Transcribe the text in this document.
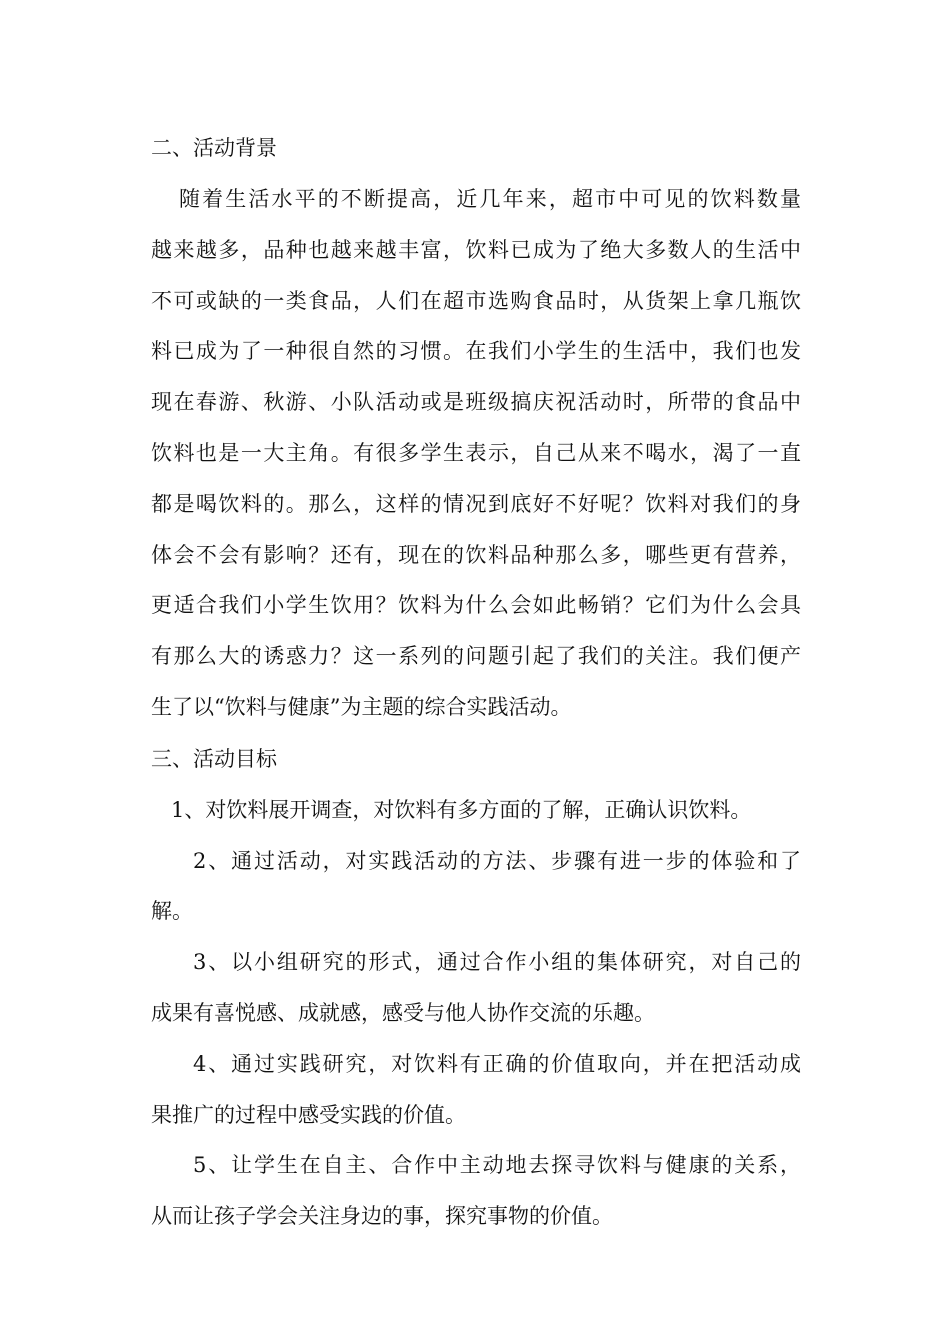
二、活动背景

随着生活水平的不断提高，近几年来，超市中可见的饮料数量
越来越多，品种也越来越丰富，饮料已成为了绝大多数人的生活中
不可或缺的一类食品，人们在超市选购食品时，从货架上拿几瓶饮
料已成为了一种很自然的习惯。在我们小学生的生活中，我们也发
现在春游、秋游、小队活动或是班级搞庆祝活动时，所带的食品中
饮料也是一大主角。有很多学生表示，自己从来不喝水，渴了一直
都是喝饮料的。那么，这样的情况到底好不好呢？饮料对我们的身
体会不会有影响？还有，现在的饮料品种那么多，哪些更有营养，
更适合我们小学生饮用？饮料为什么会如此畅销？它们为什么会具
有那么大的诱惑力？这一系列的问题引起了我们的关注。我们便产
生了以“饮料与健康”为主题的综合实践活动。

三、活动目标

1、对饮料展开调查，对饮料有多方面的了解，正确认识饮料。

2、通过活动，对实践活动的方法、步骤有进一步的体验和了
解。

3、以小组研究的形式，通过合作小组的集体研究，对自己的
成果有喜悦感、成就感，感受与他人协作交流的乐趣。

4、通过实践研究，对饮料有正确的价值取向，并在把活动成
果推广的过程中感受实践的价值。

5、让学生在自主、合作中主动地去探寻饮料与健康的关系，
从而让孩子学会关注身边的事，探究事物的价值。
